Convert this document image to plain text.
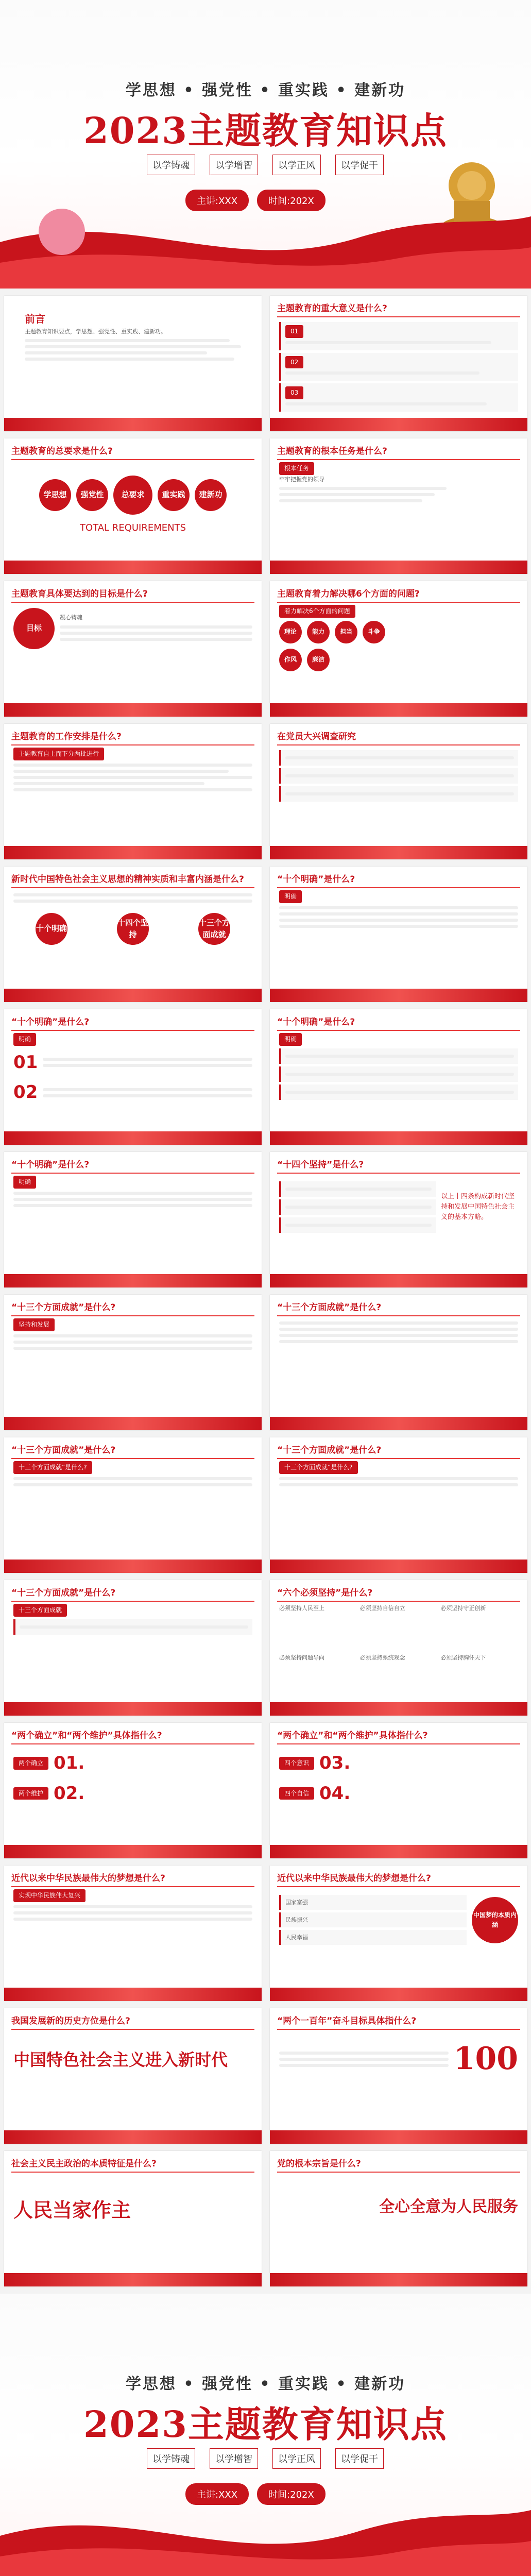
学思想 • 强党性 • 重实践 • 建新功
2023主题教育知识点
以学铸魂	以学增智	以学正风	以学促干
主讲:XXX	时间:202X
前言
主题教育知识要点，学思想、强党性、重实践、建新功。
主题教育的重大意义是什么?
01
02
03
主题教育的总要求是什么?
学思想	强党性	总要求	重实践	建新功
TOTAL REQUIREMENTS
主题教育的根本任务是什么?
根本任务
牢牢把握党的领导
主题教育具体要达到的目标是什么?
目标
凝心铸魂
主题教育着力解决哪6个方面的问题?
着力解决6个方面的问题
理论	能力	担当	斗争
作风	廉洁
主题教育的工作安排是什么?
主题教育自上而下分两批进行
在党员大兴调查研究
新时代中国特色社会主义思想的精神实质和丰富内涵是什么?
十个明确
十四个坚持
十三个方面成就
“十个明确”是什么?
明确
“十个明确”是什么?
明确
01
02
“十个明确”是什么?
明确
“十个明确”是什么?
明确
“十四个坚持”是什么?
以上十四条构成新时代坚持和发展中国特色社会主义的基本方略。
“十三个方面成就”是什么?
坚持和发展
“十三个方面成就”是什么?
“十三个方面成就”是什么?
十三个方面成就”是什么?
“十三个方面成就”是什么?
十三个方面成就”是什么?
“十三个方面成就”是什么?
十三个方面成就
“六个必须坚持”是什么?
必须坚持人民至上	必须坚持自信自立	必须坚持守正创新
必须坚持问题导向	必须坚持系统观念	必须坚持胸怀天下
“两个确立”和“两个维护”具体指什么?
两个确立 01.
两个维护 02.
“两个确立”和“两个维护”具体指什么?
四个意识 03.
四个自信 04.
近代以来中华民族最伟大的梦想是什么?
实现中华民族伟大复兴
近代以来中华民族最伟大的梦想是什么?
国家富强
民族振兴
人民幸福
中国梦的本质内涵
我国发展新的历史方位是什么?
中国特色社会主义进入新时代
“两个一百年”奋斗目标具体指什么?
100
社会主义民主政治的本质特征是什么?
人民当家作主
党的根本宗旨是什么?
全心全意为人民服务
学思想 • 强党性 • 重实践 • 建新功
2023主题教育知识点
以学铸魂	以学增智	以学正风	以学促干
主讲:XXX	时间:202X
